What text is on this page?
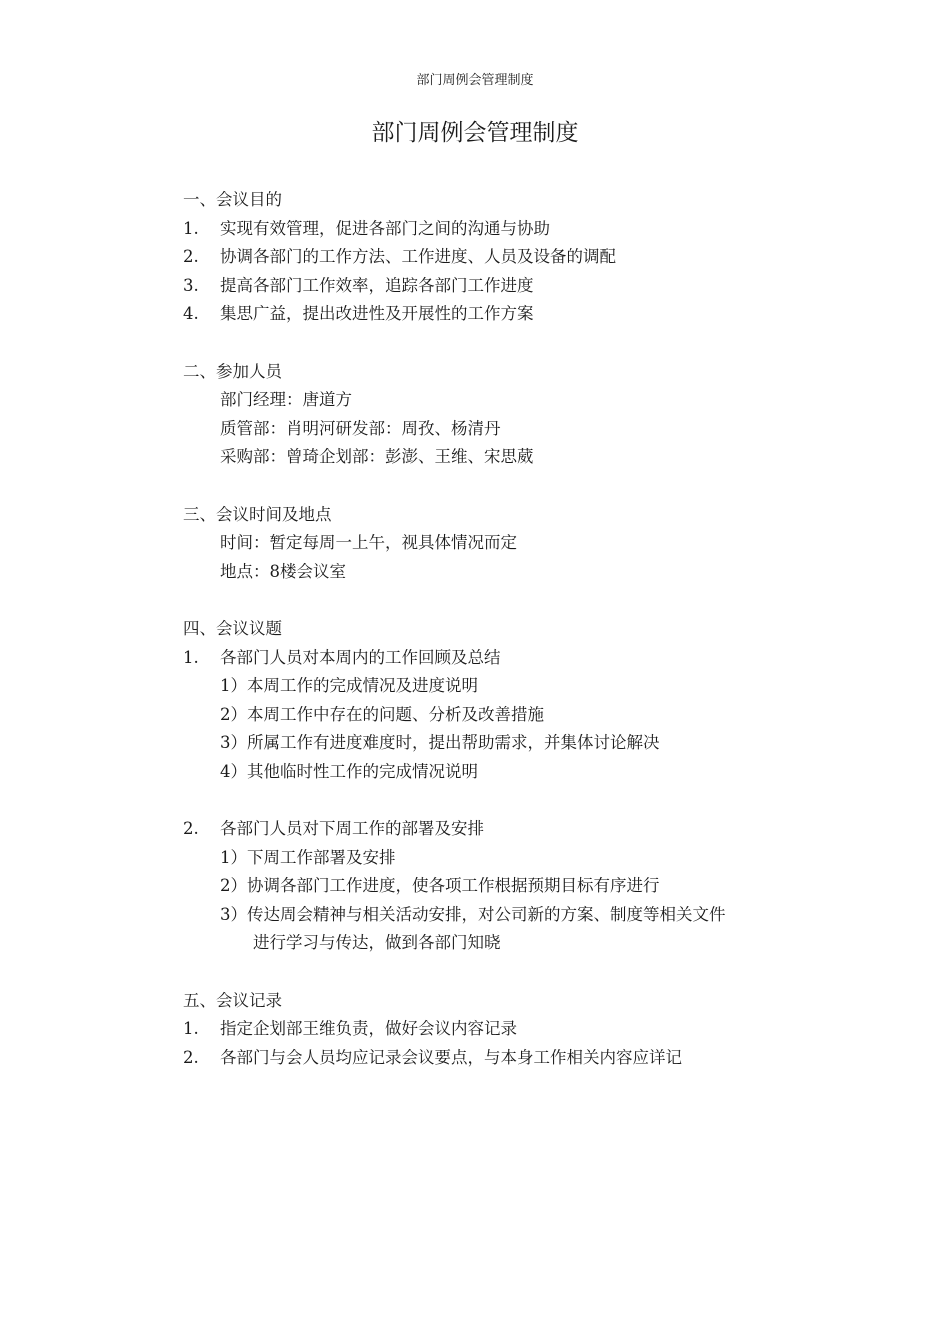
部门周例会管理制度
部门周例会管理制度
一、会议目的
1. 实现有效管理，促进各部门之间的沟通与协助
2. 协调各部门的工作方法、工作进度、人员及设备的调配
3. 提高各部门工作效率，追踪各部门工作进度
4. 集思广益，提出改进性及开展性的工作方案
二、参加人员
部门经理：唐道方
质管部：肖明河研发部：周孜、杨清丹
采购部：曾琦企划部：彭澎、王维、宋思葳
三、会议时间及地点
时间：暂定每周一上午，视具体情况而定
地点：8楼会议室
四、会议议题
1. 各部门人员对本周内的工作回顾及总结
1）本周工作的完成情况及进度说明
2）本周工作中存在的问题、分析及改善措施
3）所属工作有进度难度时，提出帮助需求，并集体讨论解决
4）其他临时性工作的完成情况说明
2. 各部门人员对下周工作的部署及安排
1）下周工作部署及安排
2）协调各部门工作进度，使各项工作根据预期目标有序进行
3）传达周会精神与相关活动安排，对公司新的方案、制度等相关文件
进行学习与传达，做到各部门知晓
五、会议记录
1. 指定企划部王维负责，做好会议内容记录
2. 各部门与会人员均应记录会议要点，与本身工作相关内容应详记
